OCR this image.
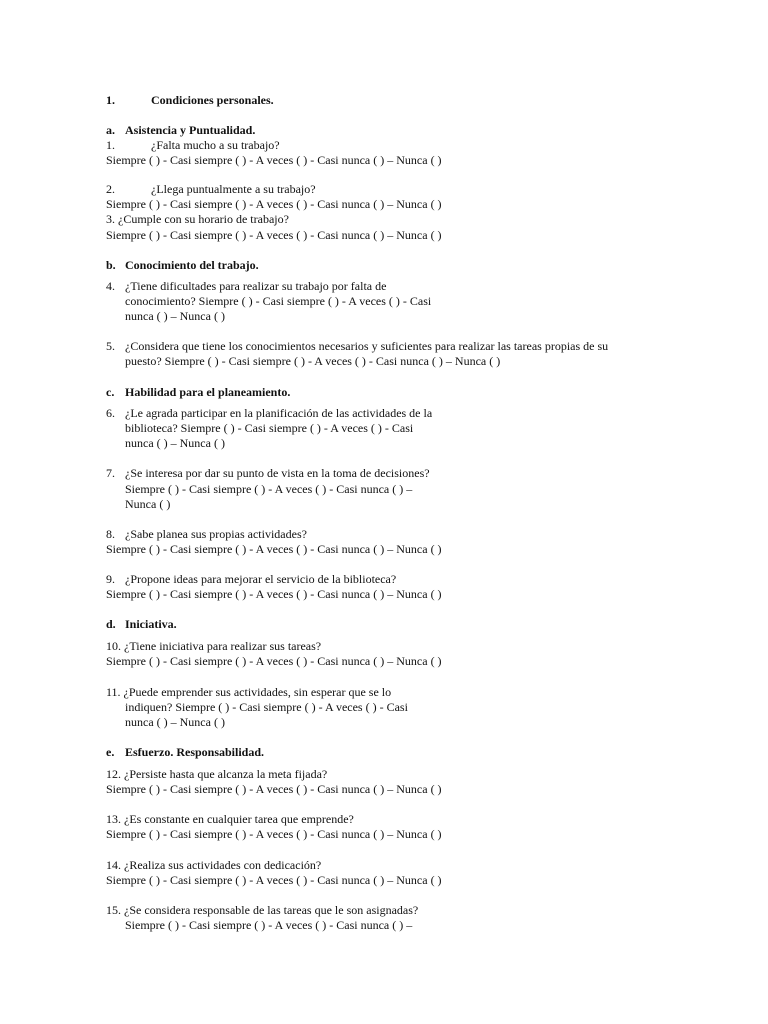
1.	Condiciones personales.
a. Asistencia y Puntualidad.
1.	¿Falta mucho a su trabajo?
Siempre ( ) - Casi siempre ( ) - A veces ( ) - Casi nunca ( ) – Nunca ( )
2.	¿Llega puntualmente a su trabajo?
Siempre ( ) - Casi siempre ( ) - A veces ( ) - Casi nunca ( ) – Nunca ( )
3. ¿Cumple con su horario de trabajo?
Siempre ( ) - Casi siempre ( ) - A veces ( ) - Casi nunca ( ) – Nunca ( )
b. Conocimiento del trabajo.
4. ¿Tiene dificultades para realizar su trabajo por falta de
conocimiento? Siempre ( ) - Casi siempre ( ) - A veces ( ) - Casi
nunca ( ) – Nunca ( )
5. ¿Considera que tiene los conocimientos necesarios y suficientes para realizar las tareas propias de su
puesto? Siempre ( ) - Casi siempre ( ) - A veces ( ) - Casi nunca ( ) – Nunca ( )
c. Habilidad para el planeamiento.
6. ¿Le agrada participar en la planificación de las actividades de la
biblioteca? Siempre ( ) - Casi siempre ( ) - A veces ( ) - Casi
nunca ( ) – Nunca ( )
7. ¿Se interesa por dar su punto de vista en la toma de decisiones?
Siempre ( ) - Casi siempre ( ) - A veces ( ) - Casi nunca ( ) –
Nunca ( )
8. ¿Sabe planea sus propias actividades?
Siempre ( ) - Casi siempre ( ) - A veces ( ) - Casi nunca ( ) – Nunca ( )
9. ¿Propone ideas para mejorar el servicio de la biblioteca?
Siempre ( ) - Casi siempre ( ) - A veces ( ) - Casi nunca ( ) – Nunca ( )
d. Iniciativa.
10. ¿Tiene iniciativa para realizar sus tareas?
Siempre ( ) - Casi siempre ( ) - A veces ( ) - Casi nunca ( ) – Nunca ( )
11. ¿Puede emprender sus actividades, sin esperar que se lo
indiquen? Siempre ( ) - Casi siempre ( ) - A veces ( ) - Casi
nunca ( ) – Nunca ( )
e. Esfuerzo. Responsabilidad.
12. ¿Persiste hasta que alcanza la meta fijada?
Siempre ( ) - Casi siempre ( ) - A veces ( ) - Casi nunca ( ) – Nunca ( )
13. ¿Es constante en cualquier tarea que emprende?
Siempre ( ) - Casi siempre ( ) - A veces ( ) - Casi nunca ( ) – Nunca ( )
14. ¿Realiza sus actividades con dedicación?
Siempre ( ) - Casi siempre ( ) - A veces ( ) - Casi nunca ( ) – Nunca ( )
15. ¿Se considera responsable de las tareas que le son asignadas?
Siempre ( ) - Casi siempre ( ) - A veces ( ) - Casi nunca ( ) –
